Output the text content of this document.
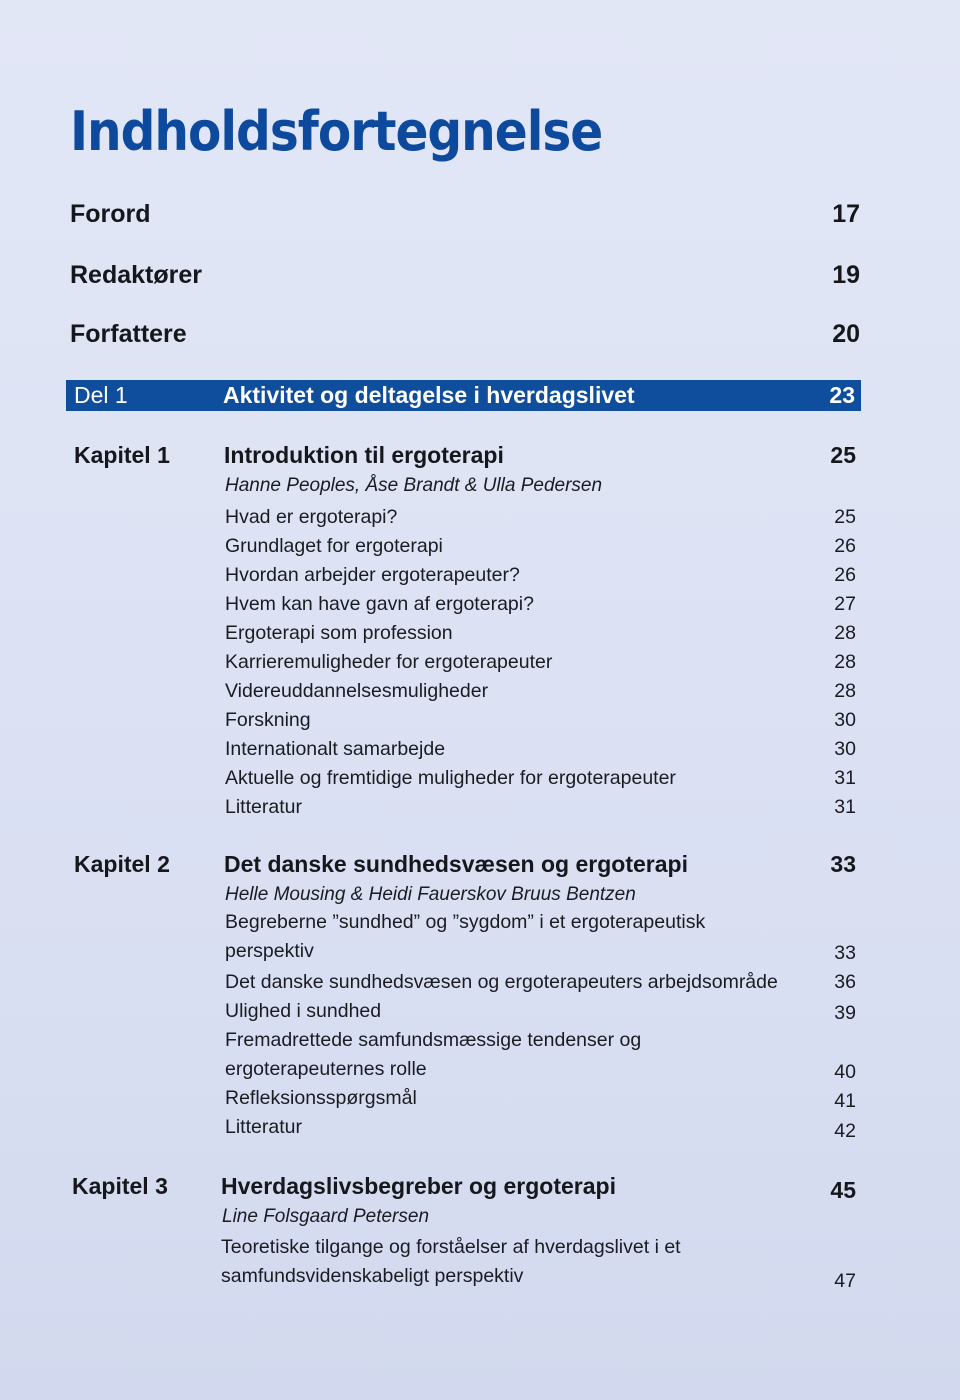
Indholdsfortegnelse
Forord	17
Redaktører	19
Forfattere	20
Del 1	Aktivitet og deltagelse i hverdagslivet	23
Kapitel 1 Introduktion til ergoterapi	25
Hanne Peoples, Åse Brandt & Ulla Pedersen
Hvad er ergoterapi?	25
Grundlaget for ergoterapi	26
Hvordan arbejder ergoterapeuter?	26
Hvem kan have gavn af ergoterapi?	27
Ergoterapi som profession	28
Karrieremuligheder for ergoterapeuter	28
Videreuddannelsesmuligheder	28
Forskning	30
Internationalt samarbejde	30
Aktuelle og fremtidige muligheder for ergoterapeuter	31
Litteratur	31
Kapitel 2 Det danske sundhedsvæsen og ergoterapi	33
Helle Mousing & Heidi Fauerskov Bruus Bentzen
Begreberne ”sundhed” og ”sygdom” i et ergoterapeutisk
perspektiv	33
Det danske sundhedsvæsen og ergoterapeuters arbejdsområde	36
Ulighed i sundhed	39
Fremadrettede samfundsmæssige tendenser og
ergoterapeuternes rolle	40
Refleksionsspørgsmål	41
Litteratur	42
Kapitel 3 Hverdagslivsbegreber og ergoterapi	45
Line Folsgaard Petersen
Teoretiske tilgange og forståelser af hverdagslivet i et
samfundsvidenskabeligt perspektiv	47
